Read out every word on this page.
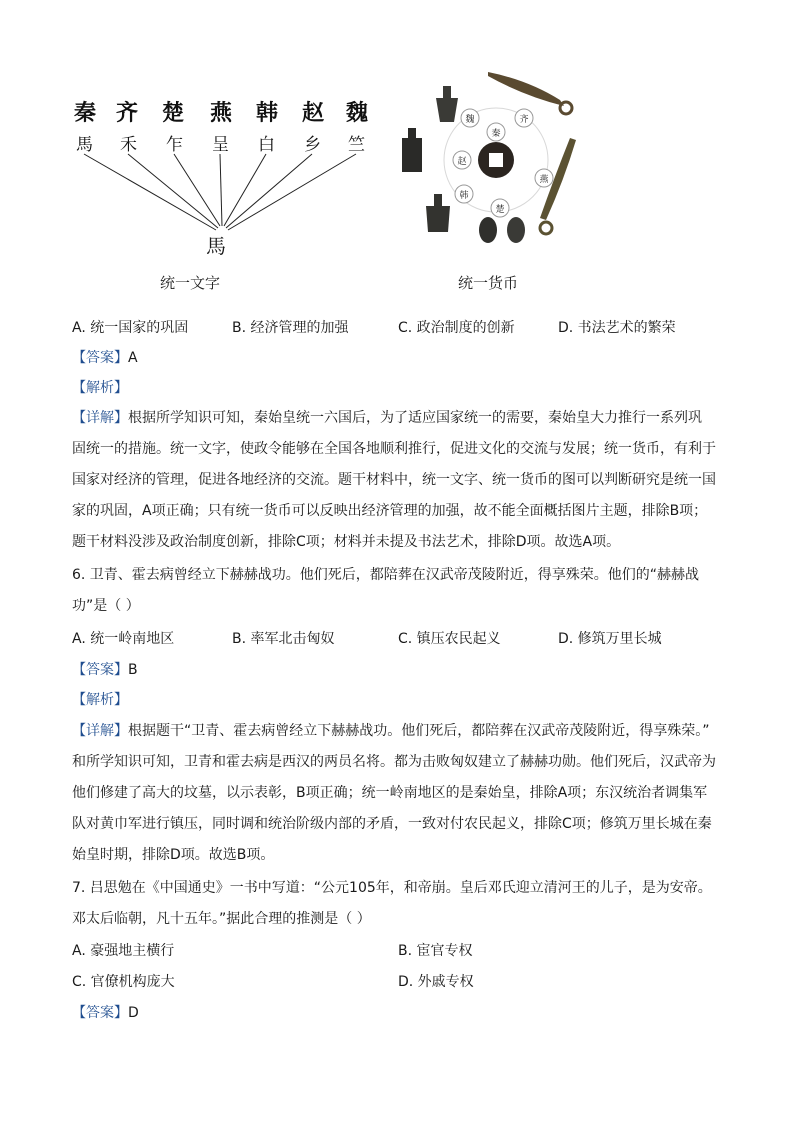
秦 齐 楚 燕 韩 赵 魏
馬 禾 乍 呈 白 乡 竺
馬
统一文字
魏
秦
齐
赵
燕
韩
楚
统一货币
A. 统一国家的巩固	B. 经济管理的加强	C. 政治制度的创新	D. 书法艺术的繁荣
【答案】A
【解析】
【详解】根据所学知识可知，秦始皇统一六国后，为了适应国家统一的需要，秦始皇大力推行一系列巩
固统一的措施。统一文字，使政令能够在全国各地顺利推行，促进文化的交流与发展；统一货币，有利于
国家对经济的管理，促进各地经济的交流。题干材料中，统一文字、统一货币的图可以判断研究是统一国
家的巩固，A项正确；只有统一货币可以反映出经济管理的加强，故不能全面概括图片主题，排除B项；
题干材料没涉及政治制度创新，排除C项；材料并未提及书法艺术，排除D项。故选A项。
6. 卫青、霍去病曾经立下赫赫战功。他们死后，都陪葬在汉武帝茂陵附近，得享殊荣。他们的“赫赫战
功”是（ ）
A. 统一岭南地区	B. 率军北击匈奴	C. 镇压农民起义	D. 修筑万里长城
【答案】B
【解析】
【详解】根据题干“卫青、霍去病曾经立下赫赫战功。他们死后，都陪葬在汉武帝茂陵附近，得享殊荣。”
和所学知识可知，卫青和霍去病是西汉的两员名将。都为击败匈奴建立了赫赫功勋。他们死后，汉武帝为
他们修建了高大的坟墓，以示表彰，B项正确；统一岭南地区的是秦始皇，排除A项；东汉统治者调集军
队对黄巾军进行镇压，同时调和统治阶级内部的矛盾，一致对付农民起义，排除C项；修筑万里长城在秦
始皇时期，排除D项。故选B项。
7. 吕思勉在《中国通史》一书中写道：“公元105年，和帝崩。皇后邓氏迎立清河王的儿子，是为安帝。
邓太后临朝，凡十五年。”据此合理的推测是（ ）
A. 豪强地主横行	B. 宦官专权
C. 官僚机构庞大	D. 外戚专权
【答案】D
